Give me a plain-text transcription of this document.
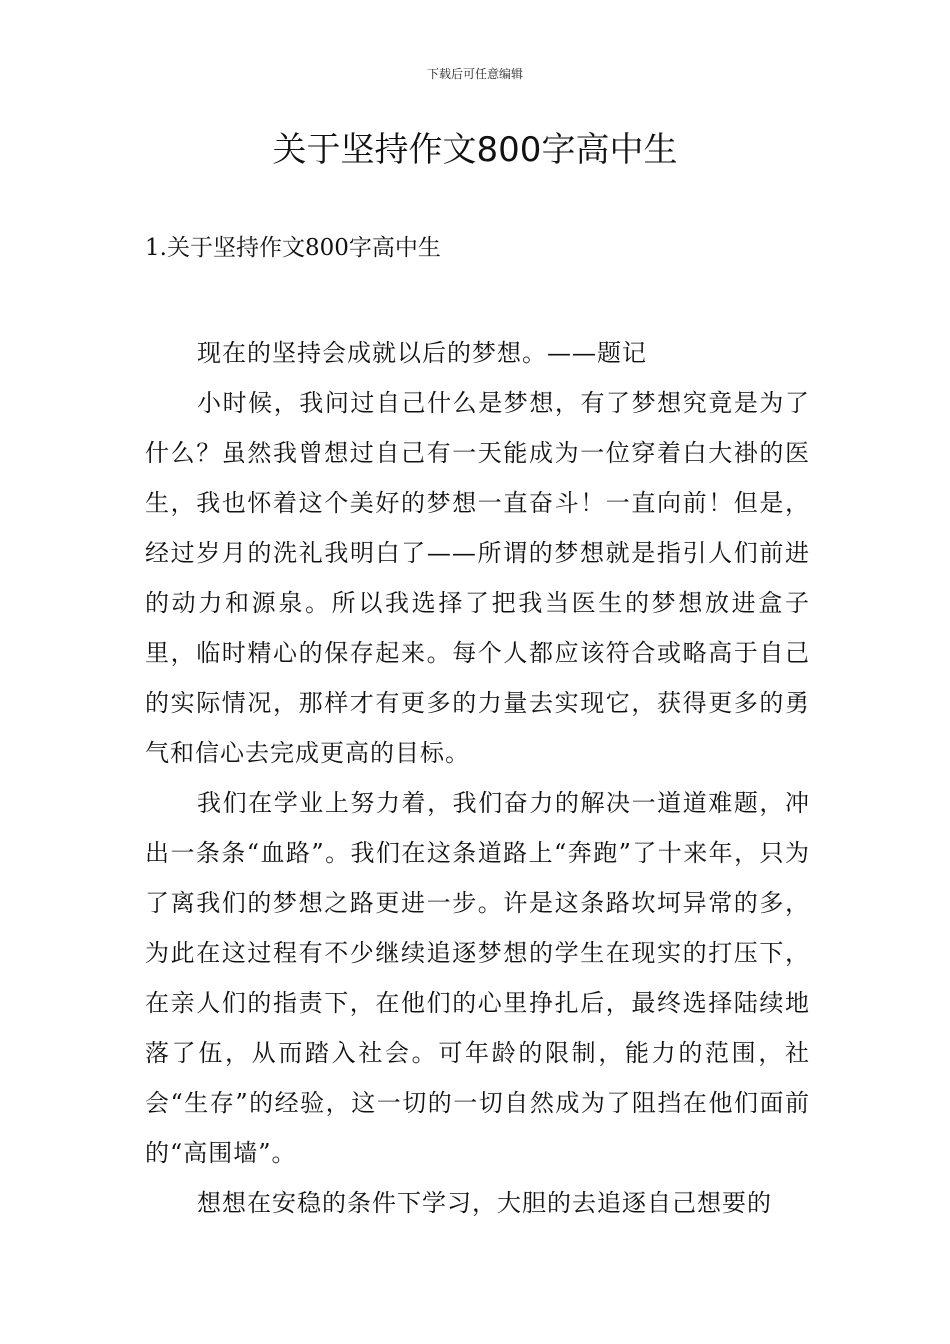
下载后可任意编辑
关于坚持作文800字高中生
1.关于坚持作文800字高中生

现在的坚持会成就以后的梦想。——题记

小时候，我问过自己什么是梦想，有了梦想究竟是为了什么？虽然我曾想过自己有一天能成为一位穿着白大褂的医生，我也怀着这个美好的梦想一直奋斗！一直向前！但是，经过岁月的洗礼我明白了——所谓的梦想就是指引人们前进的动力和源泉。所以我选择了把我当医生的梦想放进盒子里，临时精心的保存起来。每个人都应该符合或略高于自己的实际情况，那样才有更多的力量去实现它，获得更多的勇气和信心去完成更高的目标。

我们在学业上努力着，我们奋力的解决一道道难题，冲出一条条“血路”。我们在这条道路上“奔跑”了十来年，只为了离我们的梦想之路更进一步。许是这条路坎坷异常的多，为此在这过程有不少继续追逐梦想的学生在现实的打压下，在亲人们的指责下，在他们的心里挣扎后，最终选择陆续地落了伍，从而踏入社会。可年龄的限制，能力的范围，社会“生存”的经验，这一切的一切自然成为了阻挡在他们面前的“高围墙”。

想想在安稳的条件下学习，大胆的去追逐自己想要的
